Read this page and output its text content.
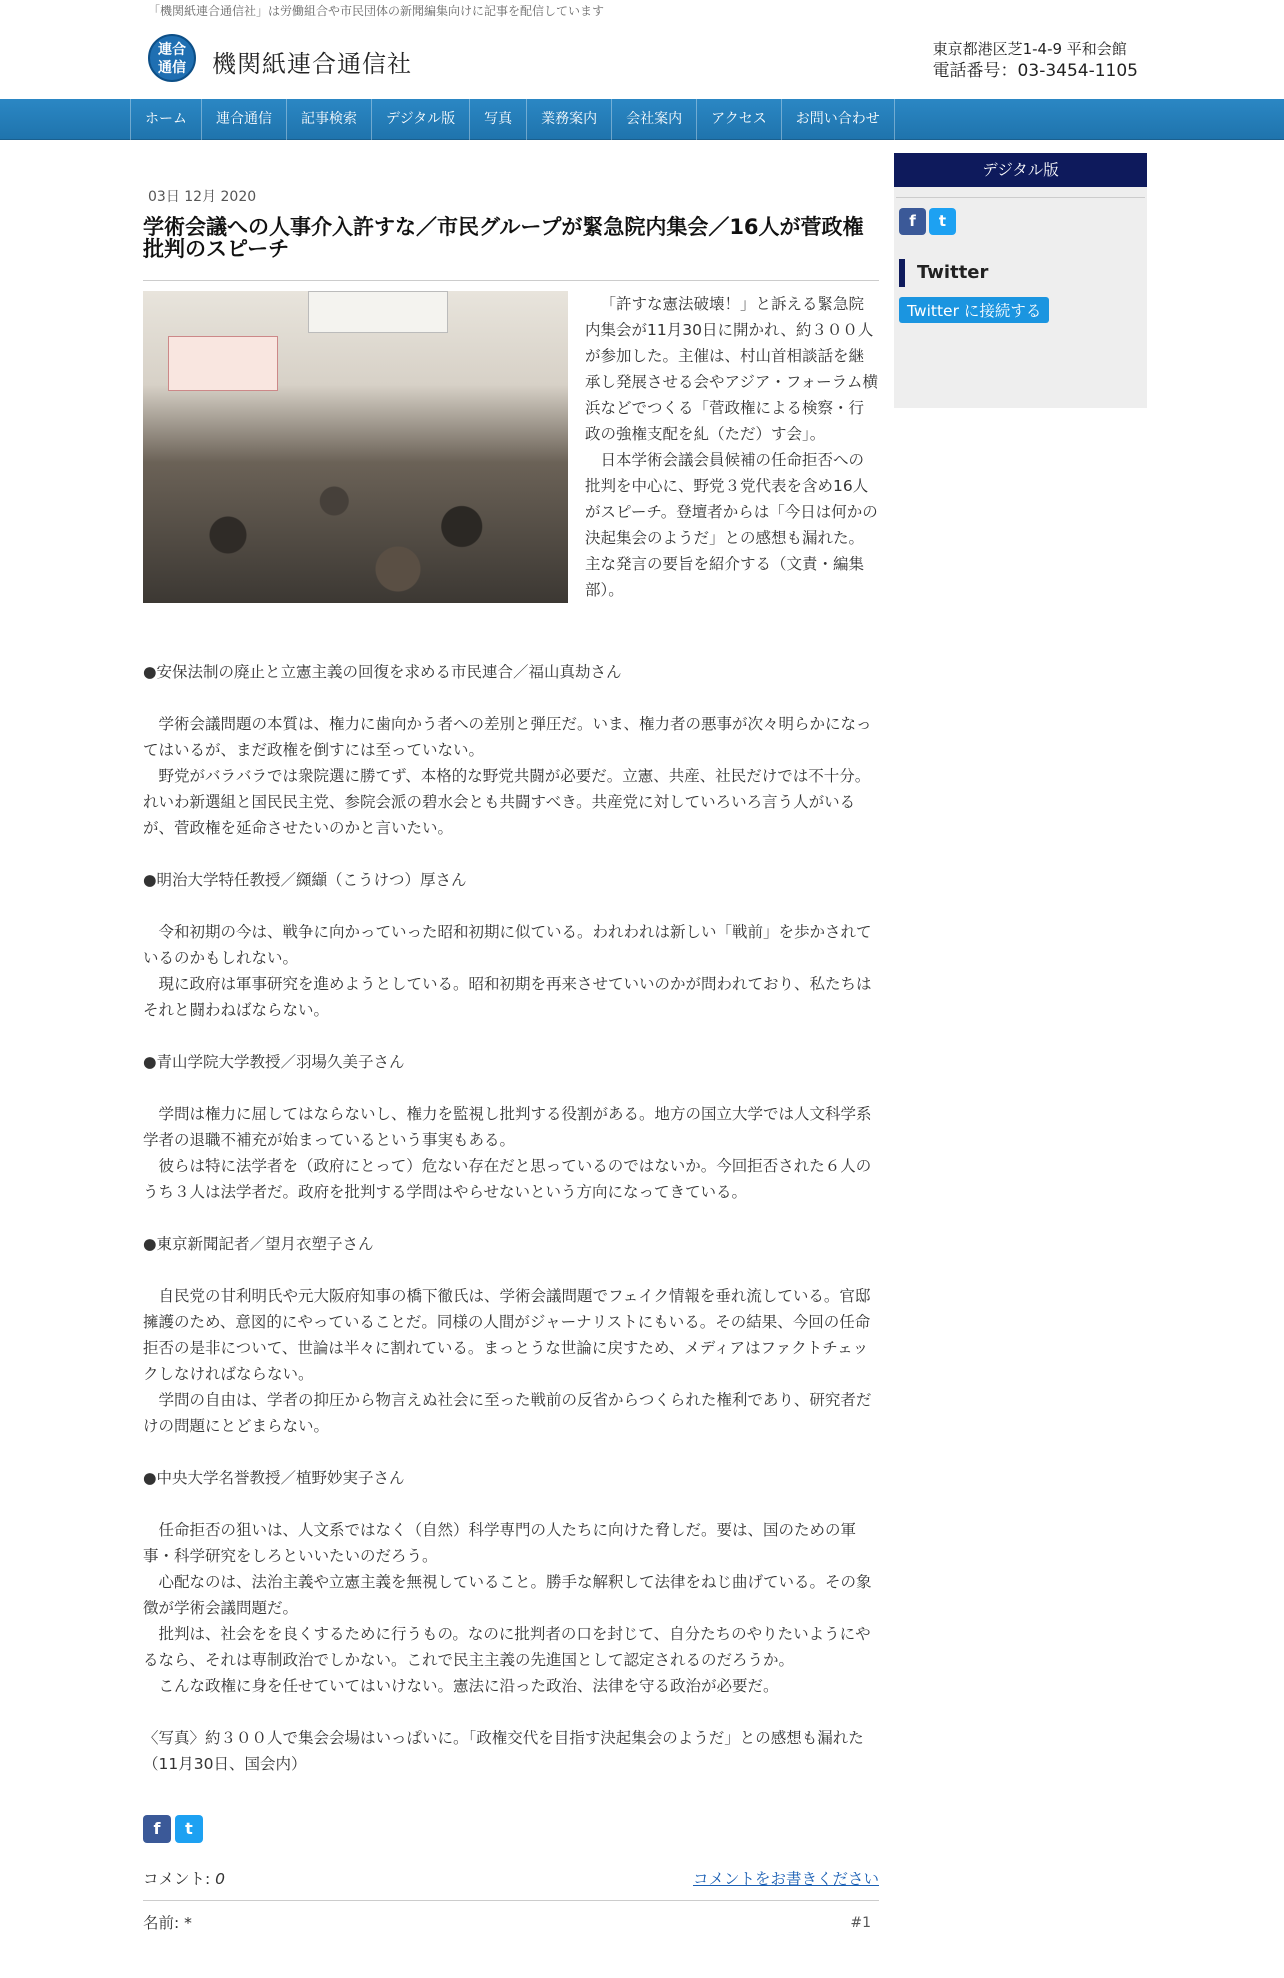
「機関紙連合通信社」は労働組合や市民団体の新聞編集向けに記事を配信しています
連合
通信	機関紙連合通信社
東京都港区芝1-4-9 平和会館
電話番号：03-3454-1105
ホーム	連合通信	記事検索	デジタル版	写真	業務案内	会社案内	アクセス	お問い合わせ
03日 12月 2020
学術会議への人事介入許すな／市民グループが緊急院内集会／16人が菅政権批判のスピーチ

「許すな憲法破壊！」と訴える緊急院内集会が11月30日に開かれ、約３００人が参加した。主催は、村山首相談話を継承し発展させる会やアジア・フォーラム横浜などでつくる「菅政権による検察・行政の強権支配を糺（ただ）す会」。

日本学術会議会員候補の任命拒否への批判を中心に、野党３党代表を含め16人がスピーチ。登壇者からは「今日は何かの決起集会のようだ」との感想も漏れた。主な発言の要旨を紹介する（文責・編集部）。

●安保法制の廃止と立憲主義の回復を求める市民連合／福山真劫さん

学術会議問題の本質は、権力に歯向かう者への差別と弾圧だ。いま、権力者の悪事が次々明らかになってはいるが、まだ政権を倒すには至っていない。

野党がバラバラでは衆院選に勝てず、本格的な野党共闘が必要だ。立憲、共産、社民だけでは不十分。れいわ新選組と国民民主党、参院会派の碧水会とも共闘すべき。共産党に対していろいろ言う人がいるが、菅政権を延命させたいのかと言いたい。

●明治大学特任教授／纐纈（こうけつ）厚さん

令和初期の今は、戦争に向かっていった昭和初期に似ている。われわれは新しい「戦前」を歩かされているのかもしれない。

現に政府は軍事研究を進めようとしている。昭和初期を再来させていいのかが問われており、私たちはそれと闘わねばならない。

●青山学院大学教授／羽場久美子さん

学問は権力に屈してはならないし、権力を監視し批判する役割がある。地方の国立大学では人文科学系学者の退職不補充が始まっているという事実もある。

彼らは特に法学者を（政府にとって）危ない存在だと思っているのではないか。今回拒否された６人のうち３人は法学者だ。政府を批判する学問はやらせないという方向になってきている。

●東京新聞記者／望月衣塑子さん

自民党の甘利明氏や元大阪府知事の橋下徹氏は、学術会議問題でフェイク情報を垂れ流している。官邸擁護のため、意図的にやっていることだ。同様の人間がジャーナリストにもいる。その結果、今回の任命拒否の是非について、世論は半々に割れている。まっとうな世論に戻すため、メディアはファクトチェックしなければならない。

学問の自由は、学者の抑圧から物言えぬ社会に至った戦前の反省からつくられた権利であり、研究者だけの問題にとどまらない。

●中央大学名誉教授／植野妙実子さん

任命拒否の狙いは、人文系ではなく（自然）科学専門の人たちに向けた脅しだ。要は、国のための軍事・科学研究をしろといいたいのだろう。

心配なのは、法治主義や立憲主義を無視していること。勝手な解釈して法律をねじ曲げている。その象徴が学術会議問題だ。

批判は、社会をを良くするために行うもの。なのに批判者の口を封じて、自分たちのやりたいようにやるなら、それは専制政治でしかない。これで民主主義の先進国として認定されるのだろうか。

こんな政権に身を任せていてはいけない。憲法に沿った政治、法律を守る政治が必要だ。

〈写真〉約３００人で集会会場はいっぱいに。「政権交代を目指す決起集会のようだ」との感想も漏れた（11月30日、国会内）

f	t
コメント: 0	コメントをお書きください
名前: *	#1
デジタル版
f	t
Twitter
Twitter に接続する
